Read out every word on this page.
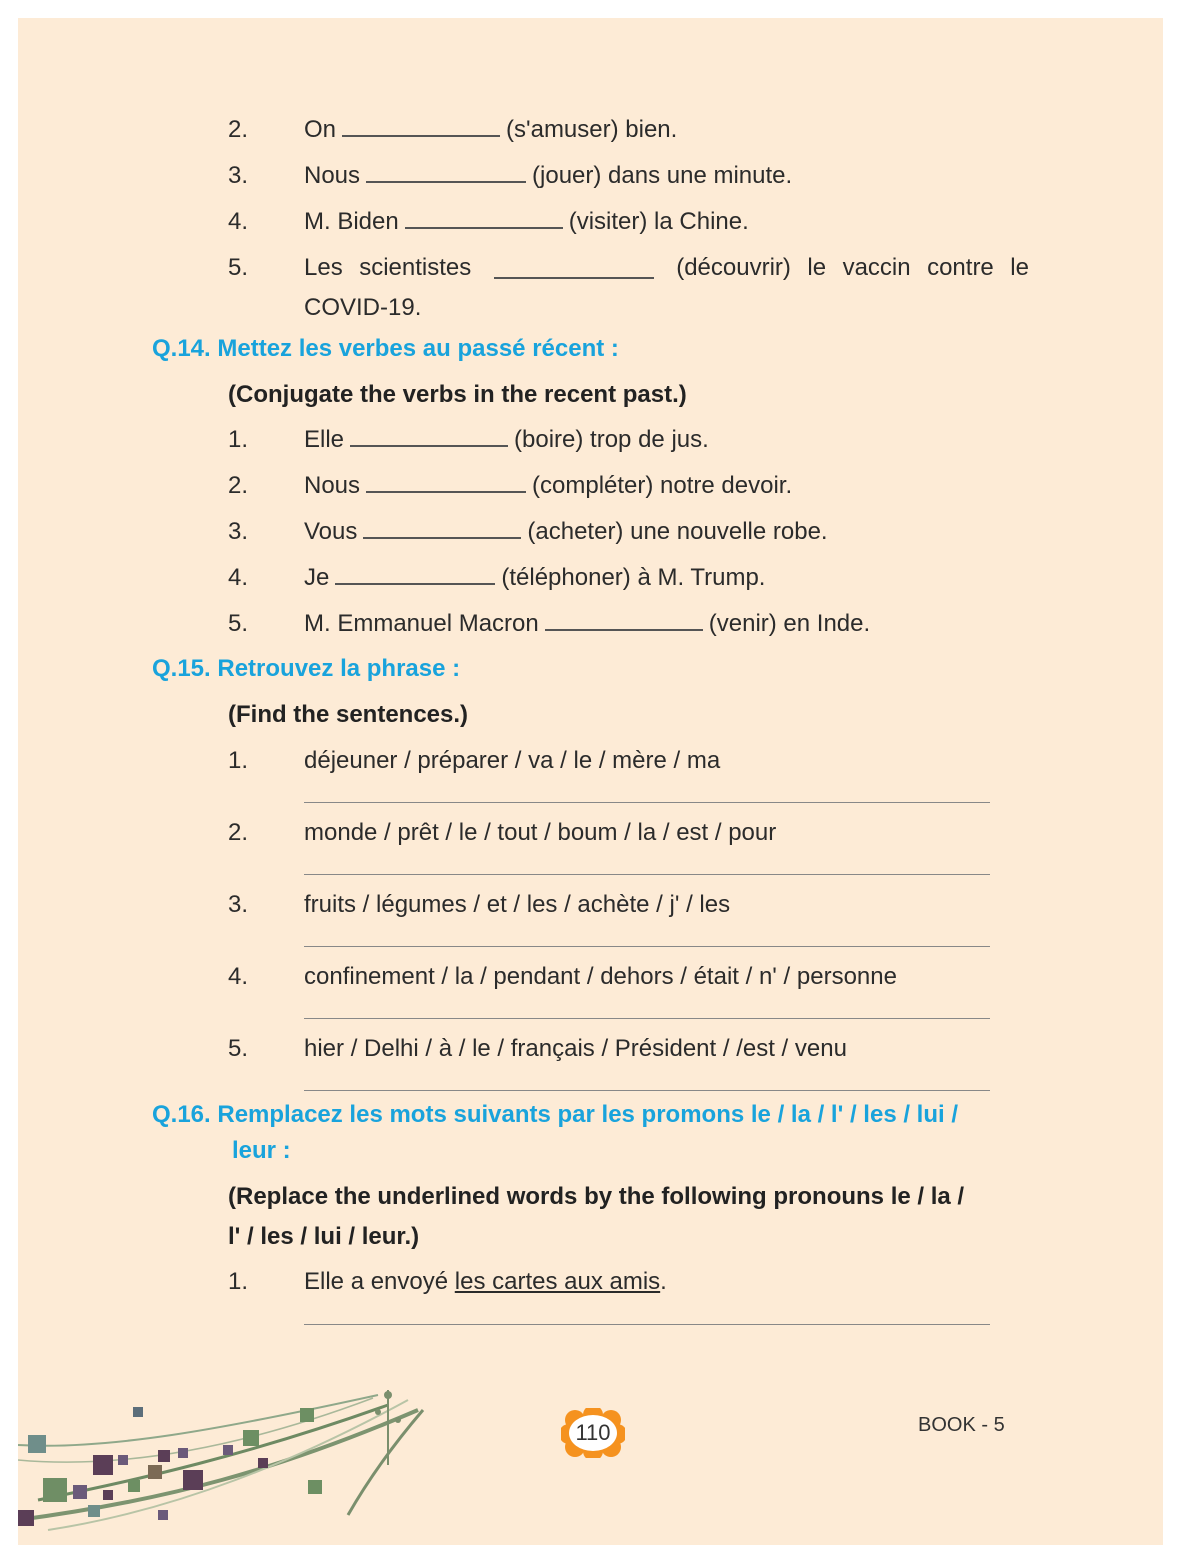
2. On	(s'amuser) bien.
3. Nous	(jouer) dans une minute.
4. M. Biden	(visiter) la Chine.
5. Les scientistes	(découvrir) le vaccin contre le
COVID-19.
Q.14. Mettez les verbes au passé récent :
(Conjugate the verbs in the recent past.)
1. Elle	(boire) trop de jus.
2. Nous	(compléter) notre devoir.
3. Vous	(acheter) une nouvelle robe.
4. Je	(téléphoner) à M. Trump.
5. M. Emmanuel Macron	(venir) en Inde.
Q.15. Retrouvez la phrase :
(Find the sentences.)
1. déjeuner / préparer / va / le / mère / ma
2. monde / prêt / le / tout / boum / la / est / pour
3. fruits / légumes / et / les / achète / j' / les
4. confinement / la / pendant / dehors / était / n' / personne
5. hier / Delhi / à / le / français / Président / /est / venu
Q.16. Remplacez les mots suivants par les promons le / la / l' / les / lui /
leur :
(Replace the underlined words by the following pronouns le / la /
l' / les / lui / leur.)
1. Elle a envoyé les cartes aux amis.
110	BOOK - 5
